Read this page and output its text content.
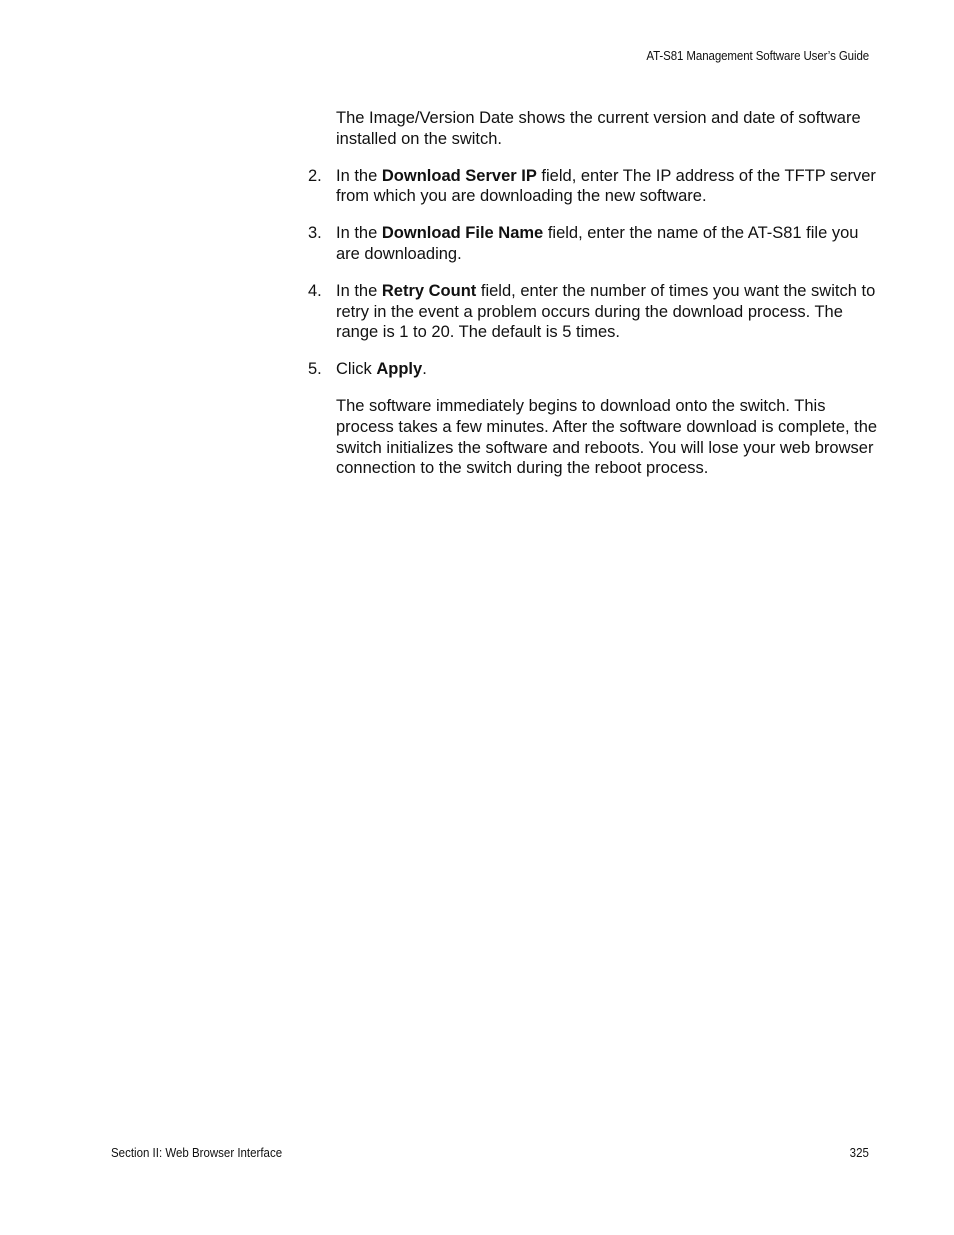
AT-S81 Management Software User’s Guide

The Image/Version Date shows the current version and date of software installed on the switch.

2. In the Download Server IP field, enter The IP address of the TFTP server from which you are downloading the new software.
3. In the Download File Name field, enter the name of the AT-S81 file you are downloading.
4. In the Retry Count field, enter the number of times you want the switch to retry in the event a problem occurs during the download process. The range is 1 to 20. The default is 5 times.
5. Click Apply.

The software immediately begins to download onto the switch. This process takes a few minutes. After the software download is complete, the switch initializes the software and reboots. You will lose your web browser connection to the switch during the reboot process.

Section II: Web Browser Interface	325
